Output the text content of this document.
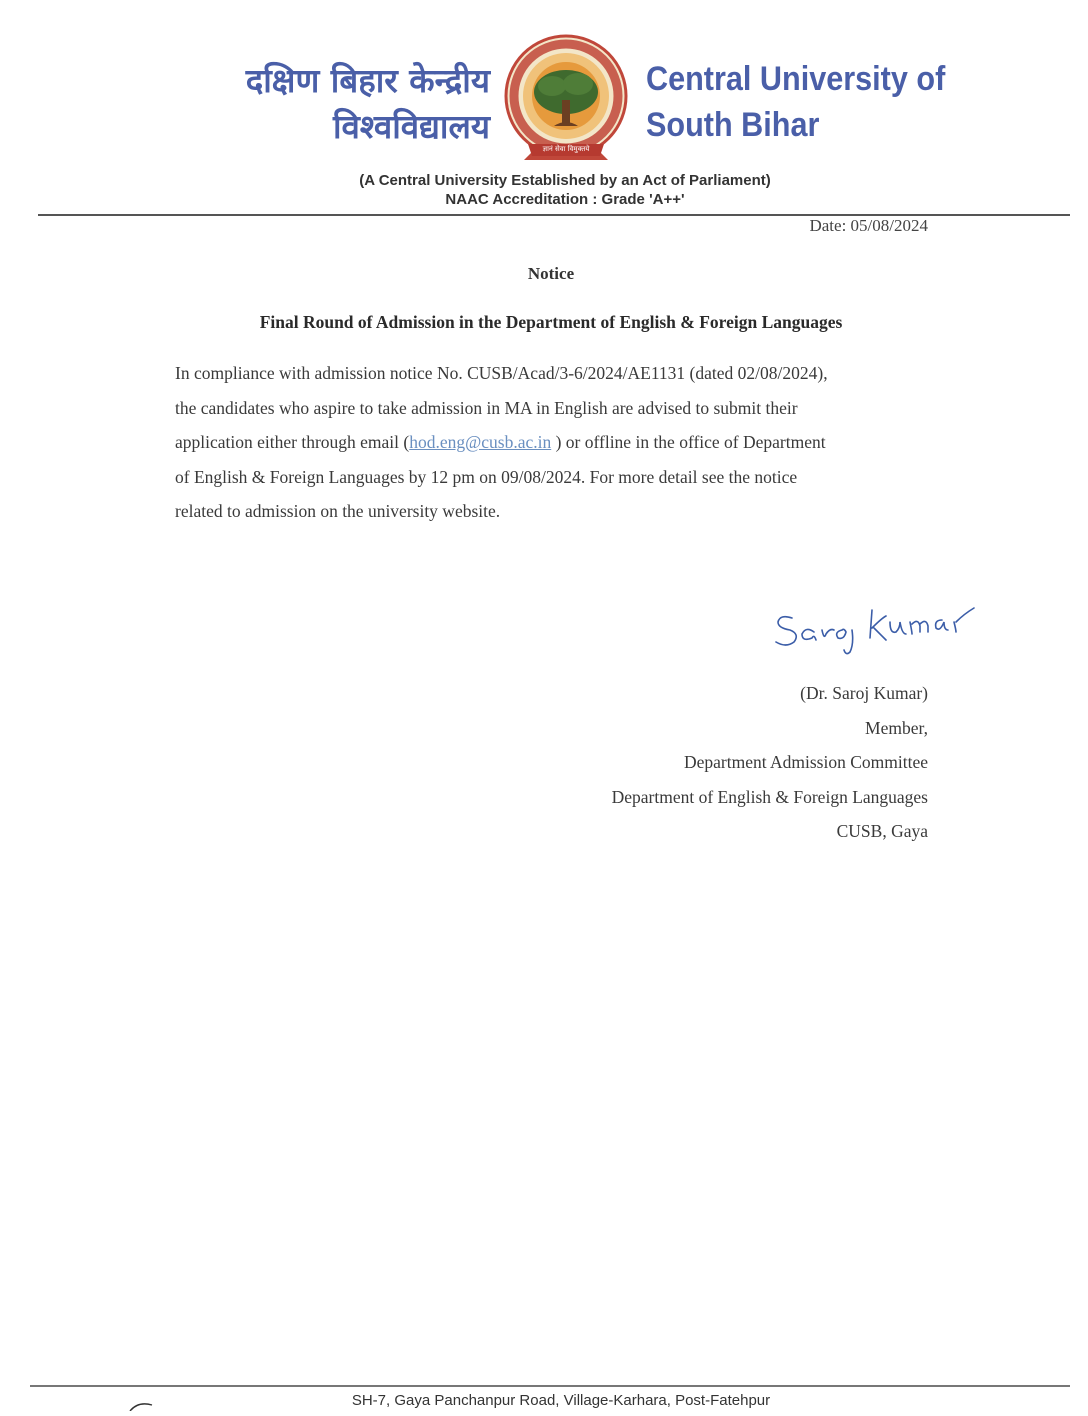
दक्षिण बिहार केन्द्रीय
विश्वविद्यालय
ज्ञानं सेवा विमुक्तये
Central University of
South Bihar
(A Central University Established by an Act of Parliament)
NAAC Accreditation : Grade 'A++'
Date: 05/08/2024
Notice
Final Round of Admission in the Department of English & Foreign Languages
In compliance with admission notice No. CUSB/Acad/3-6/2024/AE1131 (dated 02/08/2024),
the candidates who aspire to take admission in MA in English are advised to submit their
application either through email (hod.eng@cusb.ac.in ) or offline in the office of Department
of English & Foreign Languages by 12 pm on 09/08/2024. For more detail see the notice
related to admission on the university website.
(Dr. Saroj Kumar)
Member,
Department Admission Committee
Department of English & Foreign Languages
CUSB, Gaya
SH-7, Gaya Panchanpur Road, Village-Karhara, Post-Fatehpur
